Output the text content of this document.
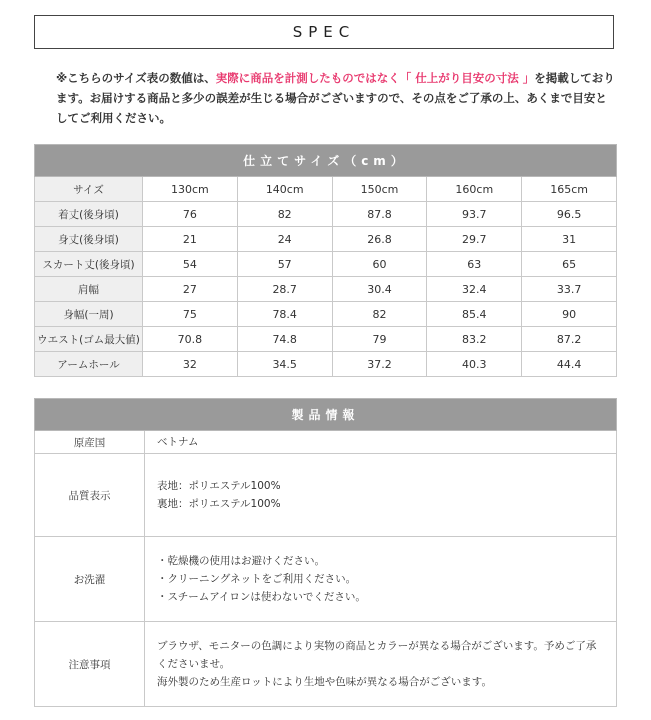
SPEC
※こちらのサイズ表の数値は、実際に商品を計測したものではなく「 仕上がり目安の寸法 」を掲載しております。お届けする商品と多少の誤差が生じる場合がございますので、その点をご了承の上、あくまで目安としてご利用ください。
仕立てサイズ（cm）					
サイズ	130cm	140cm	150cm	160cm	165cm
着丈(後身頃)	76	82	87.8	93.7	96.5
身丈(後身頃)	21	24	26.8	29.7	31
スカート丈(後身頃)	54	57	60	63	65
肩幅	27	28.7	30.4	32.4	33.7
身幅(一周)	75	78.4	82	85.4	90
ウエスト(ゴム最大値)	70.8	74.8	79	83.2	87.2
アームホール	32	34.5	37.2	40.3	44.4
製品情報	
原産国	ベトナム
品質表示	表地：ポリエステル100%
裏地：ポリエステル100%

お洗濯	・乾燥機の使用はお避けください。
・クリーニングネットをご利用ください。
・スチームアイロンは使わないでください。

注意事項	ブラウザ、モニターの色調により実物の商品とカラーが異なる場合がございます。予めご了承
くださいませ。
海外製のため生産ロットにより生地や色味が異なる場合がございます。
